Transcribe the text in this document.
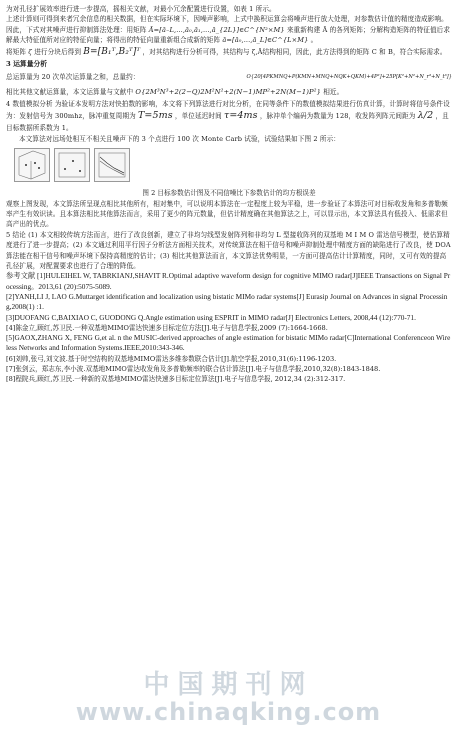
为对孔径扩展效率进行进一步提高，摇相关文献，对最小冗余配置进行设置，如表 1 所示。

上述计算则可得到来者冗余信息的相关数据，但在实际环境下，因噪声影响，上式中换积运算会将噪声进行放大处理，对参数估计值的精度造成影响。因此，下式对其噪声进行抑制算法处理：用矩阵 Ā=[ā₋L,...,ā₀,ā₁,...,ā_{2L}]∈C^{N²×M} 来重新构建 Ā 的各列矩阵；分解构造矩阵的特征值后求解最大特征值所对应的特征向量；将得出的特征向量重新组合成新的矩阵 ā=[ā₀,...,ā_L]∈C^{L×M} 。

将矩阵 ζ 进行分块后得到 B=[B₁ᵀ,B₂ᵀ]ᵀ ，对其结构进行分析可得，其结构与 ζ,Ā结构相同，因此，此方法得到的矩阵 C 和 B，符合实际需求。

3 运算量分析

总运算量为 20 次单次运算量之和，总量约：	O{20[4PKMNQ+P(KMN+MNQ+NQK+QKM)+4P²]+25P[K²+N²+N_r³+N_t³]}

相比其他文献运算量，本文运算量与文献中 O{2M³N³+2(2−Q)2M²N²+2(N−1)MP²+2N(M−1)P²} 相近。

4 数值模拟分析 为验证本发明方法对快拍数的影响，本文将下列算法进行对比分析，在同等条件下的数值模拟结果进行仿真计算，计算时将信号条件设为：发射信号为 300mhz，脉冲重复周期为 T=5ms ，单位延迟时间 τ=4ms ，脉冲单个编码为数量为 128，收发阵列阵元间距为 λ/2 ，且目标数据所系数为 1。

本文算法对远场处相互不相关且噪声下的 3 个点进行 100 次 Monte Carb 试验，试验结果如下图 2 所示：

图 2 目标参数估计图及不同信噪比下参数估计的均方根误差

观察上图发现，本文算法所呈现点相比其他所有，相对集中，可以说明本算法在一定程度上较为平稳，进一步验证了本算法可对目标收发角和多普勒频率产生有效识读。且本算法相比其他算法而言，采用了更少的阵元数量，但估计精度确在其他算法之上，可以显示出，本文算法具有低投入、低需求但高产出的优点。

5 结论 (1) 本文相较传统方法而言，进行了改良创新，建立了非均匀线型发射阵列和非均匀 L 型接收阵列的双基地 M I M O 雷达信号模型，使估算精度进行了进一步提高；(2) 本文通过利用平行因子分析法方面相关技术，对传统算法在相干信号和噪声抑制处理中精度方面的缺陷进行了改良，使 DOA 算法能在相干信号和噪声环境下保持高精度的估计；(3) 相比其他算法而言，本文算法优势明显，一方面可提高估计计算精度，同时，又可有效的提高孔径扩展，对配置要求也进行了合理的降低。

参考文献 [1]HULEIHEL W, TABRKIANJ,SHAVIT R.Optimal adaptive waveform design for cognitive MIMO radar[J]IEEE Transactions on Signal Processing。2013,61 (20):5075-5089.

[2]YANH,LI J, LAO G.Muttarget identification and localization using bistatic MIMo radar systems[J] Eurasip Journal on Advances in signal Processing,2008(1) :1.

[3]DUOFANG C,BAIXIAO C, GUODONG Q.Angle estimation using ESPRIT in MIMO radar[J] Electronics Letters, 2008,44 (12):770-71.

[4]陈金立,顾红,苏卫民.一种双基地MIMO雷达快速多目标定位方法[J].电子与信息学报,2009 (7):1664-1668.

[5]GAOX,ZHANG X, FENG G,et al. n the MUSIC-derived approaches of angle estimation for bistatic MIMo radar[C]International Conferenceon Wireless Networks and Information Systems.IEEE,2010:343-346.

[6]刘帅,张弓,刘文波.基于时空结构的双基地MIMO雷达多维参数联合估计[J].航空学报,2010,31(6):1196-1203.

[7]张剑云，郑志东,李小波.双基地MIMO雷达收发角及多普勒频率的联合估计算法[J].电子与信息学报,2010,32(8):1843-1848.

[8]程院兵,顾红,苏卫民.一种新的双基地MIMO雷达快速多目标定位算法[J].电子与信息学报, 2012,34 (2):312-317.

中国期刊网
www.chinaqking.com
